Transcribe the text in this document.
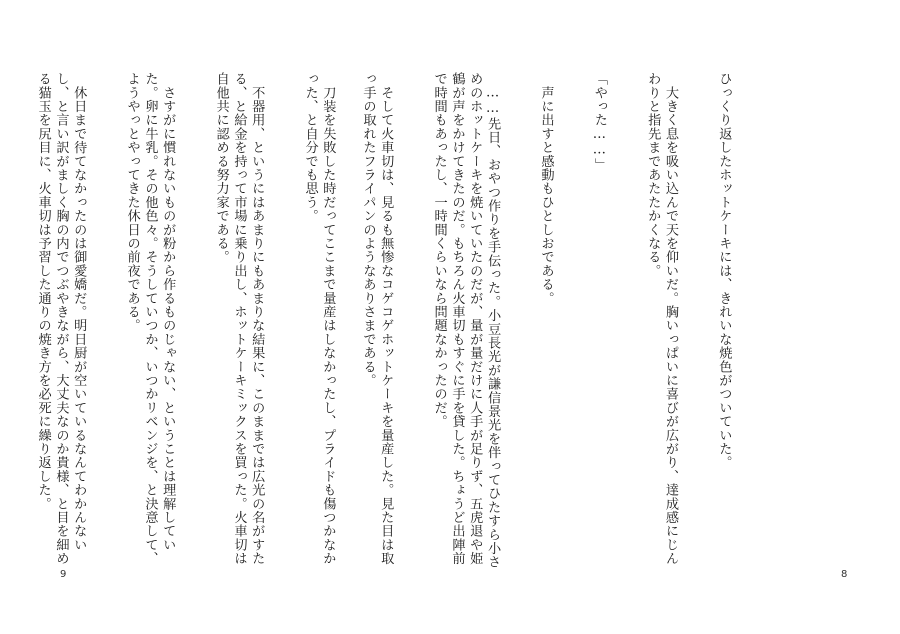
　刀装を失敗した時だってここまで量産はしなかったし、プライドも傷つかなかった、と自分でも思う。

　不器用、というにはあまりにもあまりな結果に、このままでは広光の名がすたる、と給金を持って市場に乗り出し、ホットケーキミックスを買った。火車切は自他共に認める努力家である。

　さすがに慣れないものが粉から作るものじゃない、ということは理解していた。卵に牛乳。その他色々。そうしていつか、いつかリベンジを、と決意して、ようやっとやってきた休日の前夜である。

　休日まで待てなかったのは御愛嬌だ。明日厨が空いているなんてわかんないし、と言い訳がましく胸の内でつぶやきながら、大丈夫なのか貴様、と目を細める猫玉を尻目に、火車切は予習した通りの焼き方を必死に繰り返した。

9

ひっくり返したホットケーキには、きれいな焼色がついていた。

　大きく息を吸い込んで天を仰いだ。胸いっぱいに喜びが広がり、達成感にじんわりと指先まであたたかくなる。

「やった……」

　声に出すと感動もひとしおである。

　……先日、おやつ作りを手伝った。小豆長光が謙信景光を伴ってひたすら小さめのホットケーキを焼いていたのだが、量が量だけに人手が足りず、五虎退や姫鶴が声をかけてきたのだ。もちろん火車切もすぐに手を貸した。ちょうど出陣前で時間もあったし、一時間くらいなら問題なかったのだ。

　そして火車切は、見るも無惨なコゲコゲホットケーキを量産した。見た目は取っ手の取れたフライパンのようなありさまである。

8
